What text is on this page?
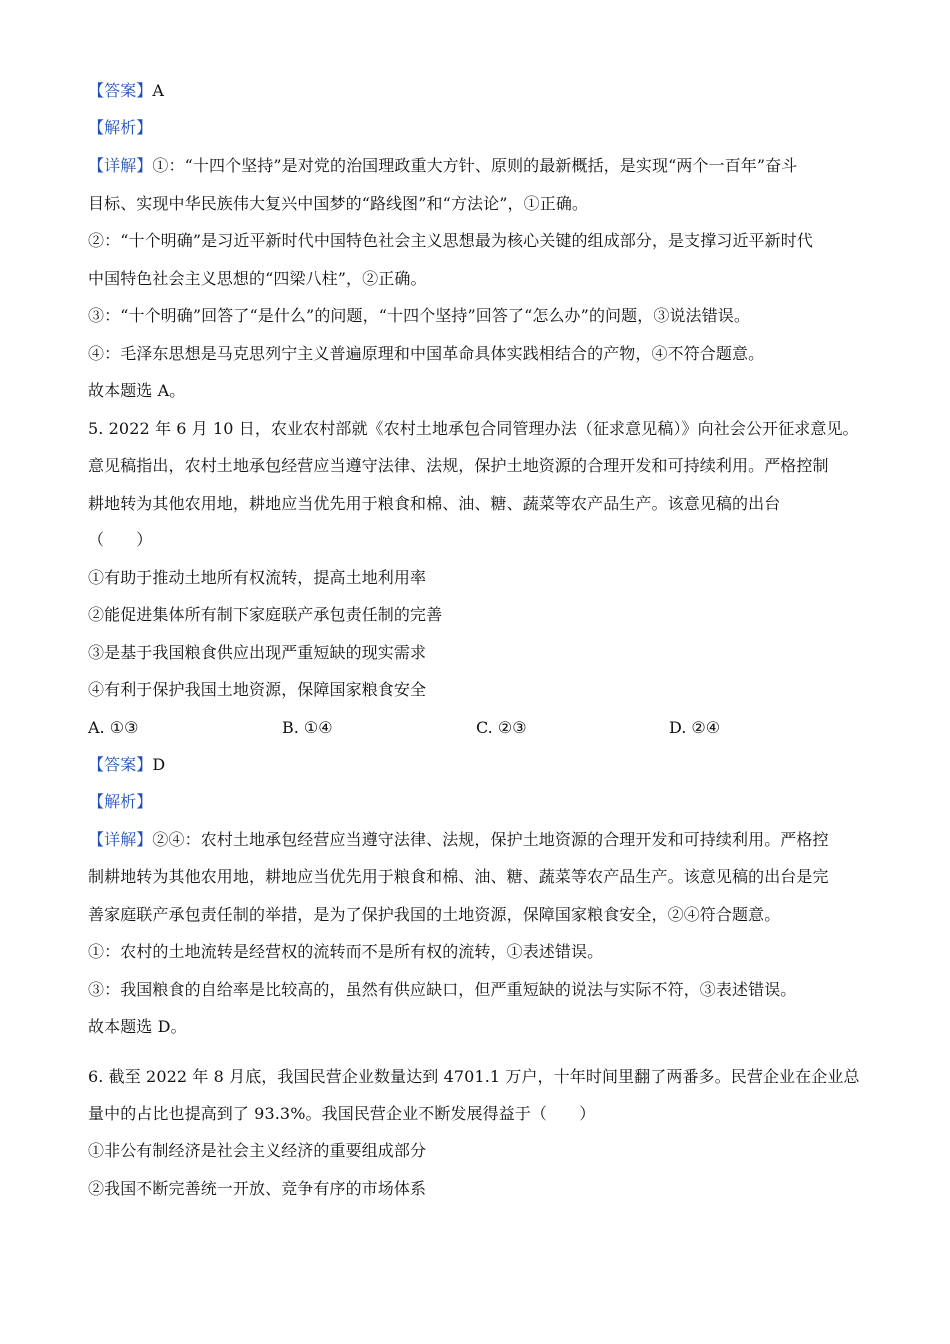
【答案】A
【解析】
【详解】①：“十四个坚持”是对党的治国理政重大方针、原则的最新概括，是实现“两个一百年”奋斗
目标、实现中华民族伟大复兴中国梦的“路线图”和“方法论”，①正确。
②：“十个明确”是习近平新时代中国特色社会主义思想最为核心关键的组成部分，是支撑习近平新时代
中国特色社会主义思想的“四梁八柱”，②正确。
③：“十个明确”回答了“是什么”的问题，“十四个坚持”回答了“怎么办”的问题，③说法错误。
④：毛泽东思想是马克思列宁主义普遍原理和中国革命具体实践相结合的产物，④不符合题意。
故本题选 A。
5. 2022 年 6 月 10 日，农业农村部就《农村土地承包合同管理办法（征求意见稿）》向社会公开征求意见。
意见稿指出，农村土地承包经营应当遵守法律、法规，保护土地资源的合理开发和可持续利用。严格控制
耕地转为其他农用地，耕地应当优先用于粮食和棉、油、糖、蔬菜等农产品生产。该意见稿的出台
（　　）
①有助于推动土地所有权流转，提高土地利用率
②能促进集体所有制下家庭联产承包责任制的完善
③是基于我国粮食供应出现严重短缺的现实需求
④有利于保护我国土地资源，保障国家粮食安全
A. ①③	B. ①④	C. ②③	D. ②④
【答案】D
【解析】
【详解】②④：农村土地承包经营应当遵守法律、法规，保护土地资源的合理开发和可持续利用。严格控
制耕地转为其他农用地，耕地应当优先用于粮食和棉、油、糖、蔬菜等农产品生产。该意见稿的出台是完
善家庭联产承包责任制的举措，是为了保护我国的土地资源，保障国家粮食安全，②④符合题意。
①：农村的土地流转是经营权的流转而不是所有权的流转，①表述错误。
③：我国粮食的自给率是比较高的，虽然有供应缺口，但严重短缺的说法与实际不符，③表述错误。
故本题选 D。
6. 截至 2022 年 8 月底，我国民营企业数量达到 4701.1 万户，十年时间里翻了两番多。民营企业在企业总
量中的占比也提高到了 93.3%。我国民营企业不断发展得益于（　　）
①非公有制经济是社会主义经济的重要组成部分
②我国不断完善统一开放、竞争有序的市场体系
